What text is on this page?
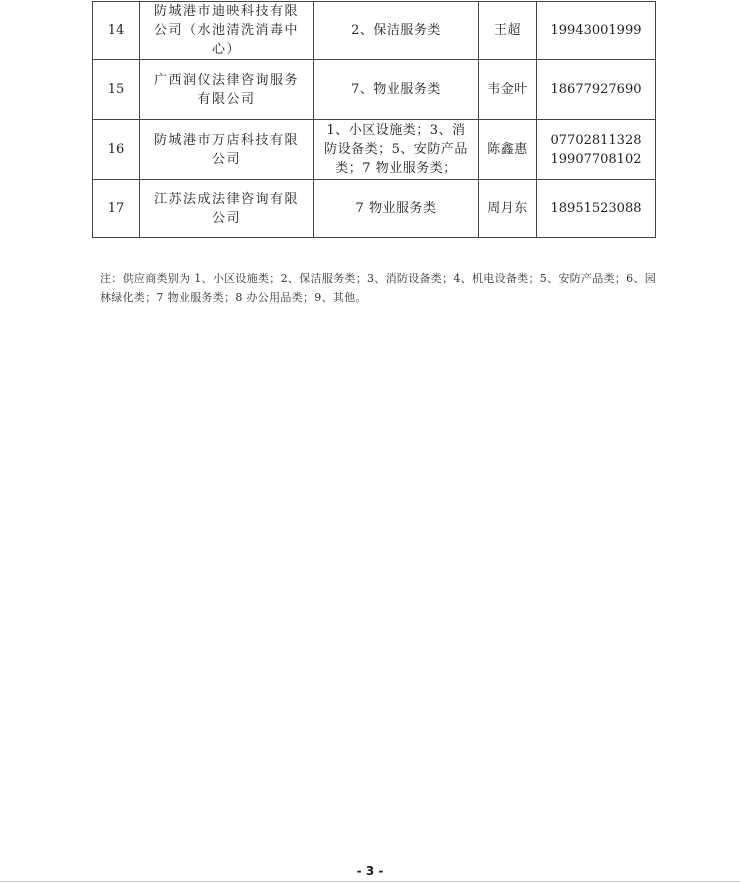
14	防城港市迪映科技有限公司（水池清洗消毒中心）	2、保洁服务类	王超	19943001999

15	广西润仪法律咨询服务有限公司	7、物业服务类	韦金叶	18677927690

16	防城港市万店科技有限公司	1、小区设施类；3、消防设备类；5、安防产品类；7 物业服务类；	陈鑫惠	07702811328
19907708102

17	江苏法成法律咨询有限公司	7 物业服务类	周月东	18951523088

注：供应商类别为 1、小区设施类；2、保洁服务类；3、消防设备类；4、机电设备类；5、安防产品类；6、园林绿化类；7 物业服务类；8 办公用品类；9、其他。

- 3 -
